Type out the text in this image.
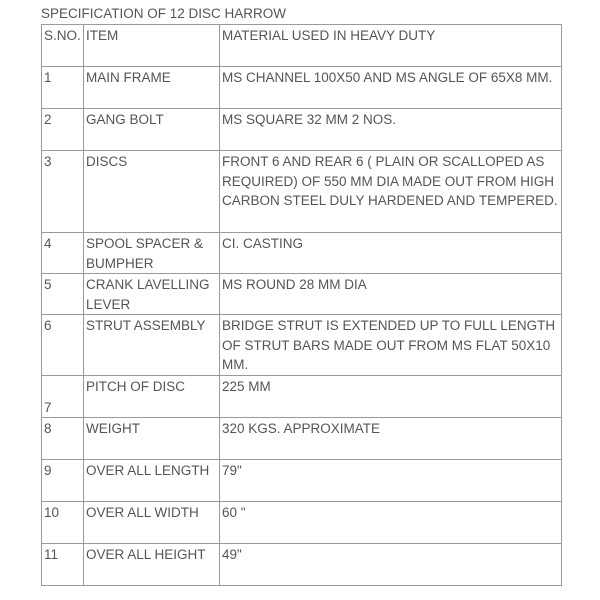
SPECIFICATION OF 12 DISC HARROW
S.NO.	ITEM	MATERIAL USED IN HEAVY DUTY
1	MAIN FRAME	MS CHANNEL 100X50 AND MS ANGLE OF 65X8 MM.
2	GANG BOLT	MS SQUARE 32 MM 2 NOS.
3	DISCS	FRONT 6 AND REAR 6 ( PLAIN OR SCALLOPED AS REQUIRED) OF 550 MM DIA MADE OUT FROM HIGH CARBON STEEL DULY HARDENED AND TEMPERED.
4	SPOOL SPACER & BUMPHER	CI. CASTING
5	CRANK LAVELLING LEVER	MS ROUND 28 MM DIA
6	STRUT ASSEMBLY	BRIDGE STRUT IS EXTENDED UP TO FULL LENGTH OF STRUT BARS MADE OUT FROM MS FLAT 50X10 MM.
7	PITCH OF DISC	225 MM
8	WEIGHT	320 KGS. APPROXIMATE
9	OVER ALL LENGTH	79"
10	OVER ALL WIDTH	60 "
11	OVER ALL HEIGHT	49"
